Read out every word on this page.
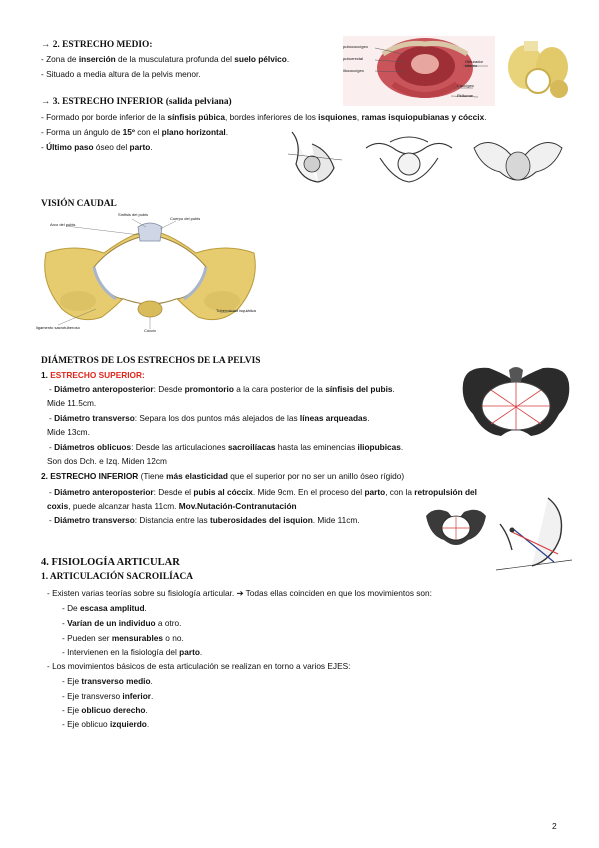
→ 2. ESTRECHO MEDIO:
- Zona de inserción de la musculatura profunda del suelo pélvico.
- Situado a media altura de la pelvis menor.
pubococcígeo
puborrectal
iliococcígeo
Obturador interno
Coccígeo
Piriforme
→ 3. ESTRECHO INFERIOR (salida pelviana)
- Formado por borde inferior de la sínfisis púbica, bordes inferiores de los isquiones, ramas isquiopubianas y cóccix.
- Forma un ángulo de 15º con el plano horizontal.
- Último paso óseo del parto.
VISIÓN CAUDAL
Sínfisis del pubis
Cuerpo del pubis
Arco del pubis
ligamento sacrotuberoso
Tuberosidad isquiática
Cóccix
DIÁMETROS DE LOS ESTRECHOS DE LA PELVIS
1. ESTRECHO SUPERIOR:
- Diámetro anteroposterior: Desde promontorio a la cara posterior de la sínfisis del pubis.
Mide 11.5cm.
- Diámetro transverso: Separa los dos puntos más alejados de las líneas arqueadas.
Mide 13cm.
- Diámetros oblicuos: Desde las articulaciones sacroilíacas hasta las eminencias iliopubicas.
Son dos Dch. e Izq. Miden 12cm
2. ESTRECHO INFERIOR (Tiene más elasticidad que el superior por no ser un anillo óseo rígido)
- Diámetro anteroposterior: Desde el pubis al cóccix. Mide 9cm. En el proceso del parto, con la retropulsión del
coxis, puede alcanzar hasta 11cm. Mov.Nutación-Contranutación
- Diámetro transverso: Distancia entre las tuberosidades del isquion. Mide 11cm.
4. FISIOLOGÍA ARTICULAR
1. ARTICULACIÓN SACROILÍACA
- Existen varias teorías sobre su fisiología articular. ➔ Todas ellas coinciden en que los movimientos son:
- De escasa amplitud.
- Varían de un individuo a otro.
- Pueden ser mensurables o no.
- Intervienen en la fisiología del parto.
- Los movimientos básicos de esta articulación se realizan en torno a varios EJES:
- Eje transverso medio.
- Eje transverso inferior.
- Eje oblicuo derecho.
- Eje oblicuo izquierdo.
2
